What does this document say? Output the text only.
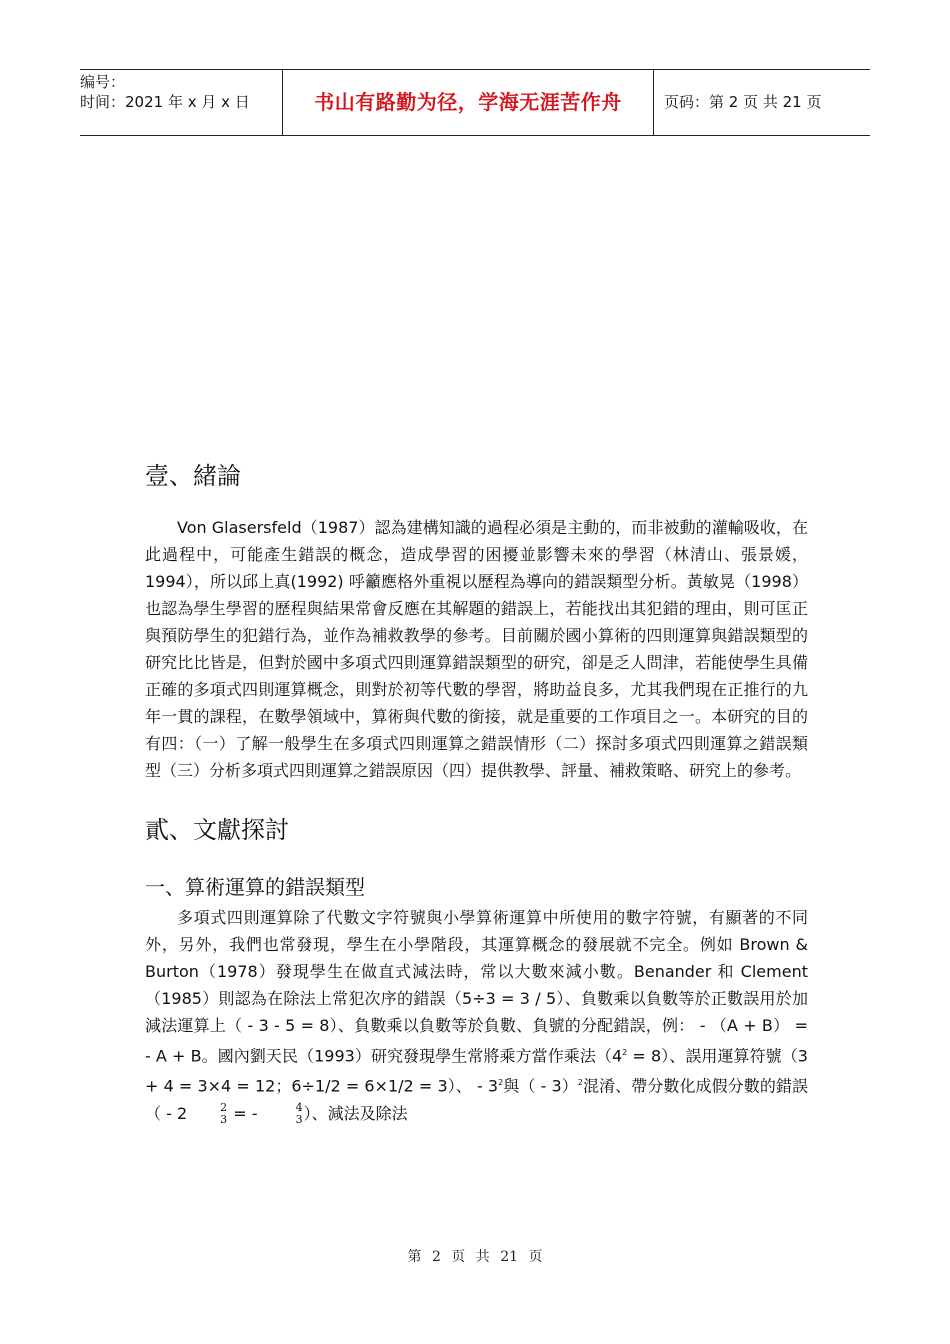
编号：
时间：2021 年 x 月 x 日	书山有路勤为径，学海无涯苦作舟	页码：第 2 页 共 21 页
壹、緒論

Von Glasersfeld（1987）認為建構知識的過程必須是主動的，而非被動的灌輸吸收，在此過程中，可能產生錯誤的概念，造成學習的困擾並影響未來的學習（林清山、張景媛，1994），所以邱上真(1992) 呼籲應格外重視以歷程為導向的錯誤類型分析。黃敏晃（1998）也認為學生學習的歷程與結果常會反應在其解題的錯誤上，若能找出其犯錯的理由，則可匡正與預防學生的犯錯行為，並作為補救教學的參考。目前關於國小算術的四則運算與錯誤類型的研究比比皆是，但對於國中多項式四則運算錯誤類型的研究，卻是乏人問津，若能使學生具備正確的多項式四則運算概念，則對於初等代數的學習，將助益良多，尤其我們現在正推行的九年一貫的課程，在數學領域中，算術與代數的銜接，就是重要的工作項目之一。本研究的目的有四：（一）了解一般學生在多項式四則運算之錯誤情形（二）探討多項式四則運算之錯誤類型（三）分析多項式四則運算之錯誤原因（四）提供教學、評量、補救策略、研究上的參考。

貳、文獻探討
一、算術運算的錯誤類型

多項式四則運算除了代數文字符號與小學算術運算中所使用的數字符號，有顯著的不同外，另外，我們也常發現，學生在小學階段，其運算概念的發展就不完全。例如 Brown & Burton（1978）發現學生在做直式減法時，常以大數來減小數。Benander 和 Clement（1985）則認為在除法上常犯次序的錯誤（5÷3 = 3 / 5）、負數乘以負數等於正數誤用於加減法運算上（ - 3 - 5 = 8）、負數乘以負數等於負數、負號的分配錯誤，例： - （A + B） = - A + B。國內劉天民（1993）研究發現學生常將乘方當作乘法$(4^2 = 8)$、誤用運算符號（3 + 4 = 3×4 = 12；6÷1/2 = 6×1/2 = 3）、 - $3^2$與（ - 3）$^2$混淆、帶分數化成假分數的錯誤（ - 2	2
3 = -	4
3 ）、減法及除法

第 2 页 共 21 页
